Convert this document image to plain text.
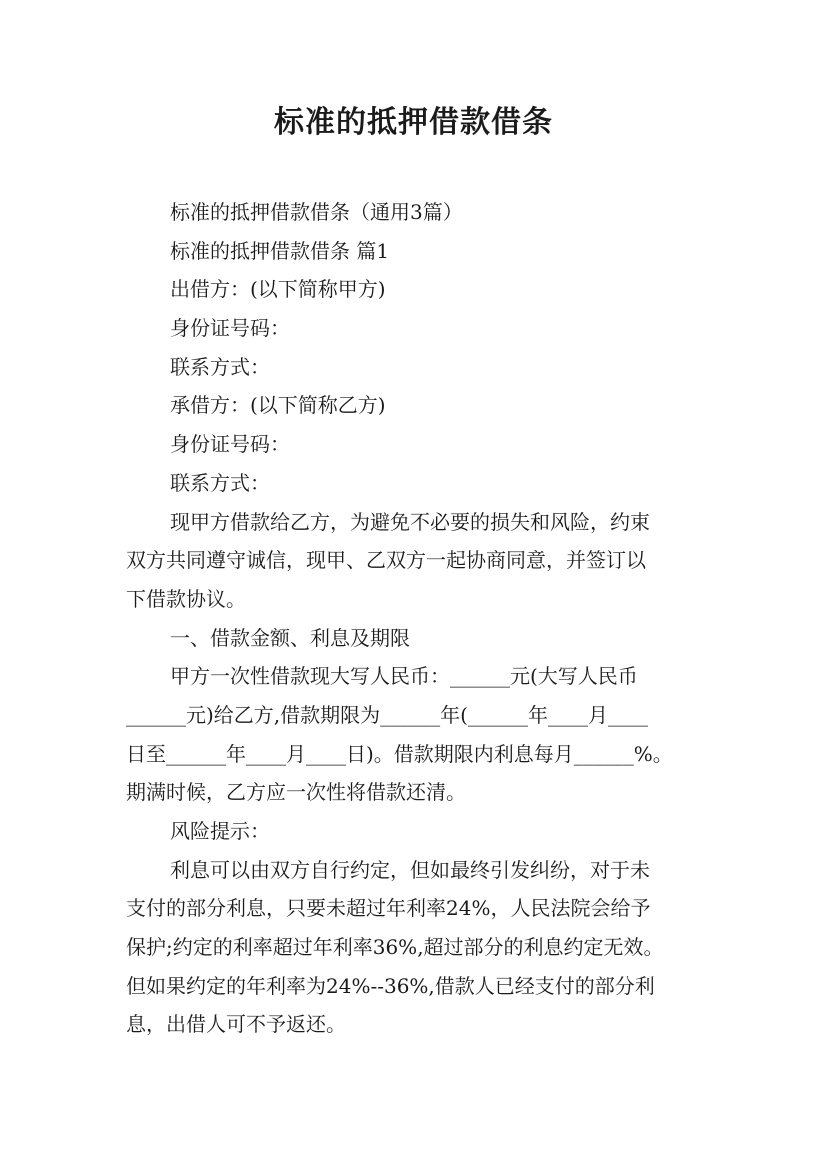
标准的抵押借款借条
标准的抵押借款借条（通用3篇）
标准的抵押借款借条 篇1
出借方：(以下简称甲方)
身份证号码：
联系方式：
承借方：(以下简称乙方)
身份证号码：
联系方式：
现甲方借款给乙方，为避免不必要的损失和风险，约束
双方共同遵守诚信，现甲、乙双方一起协商同意，并签订以
下借款协议。
一、借款金额、利息及期限
甲方一次性借款现大写人民币：______元(大写人民币
______元)给乙方,借款期限为______年(______年____月____
日至______年____月____日)。借款期限内利息每月______%。
期满时候，乙方应一次性将借款还清。
风险提示：
利息可以由双方自行约定，但如最终引发纠纷，对于未
支付的部分利息，只要未超过年利率24%，人民法院会给予
保护;约定的利率超过年利率36%,超过部分的利息约定无效。
但如果约定的年利率为24%--36%,借款人已经支付的部分利
息，出借人可不予返还。
